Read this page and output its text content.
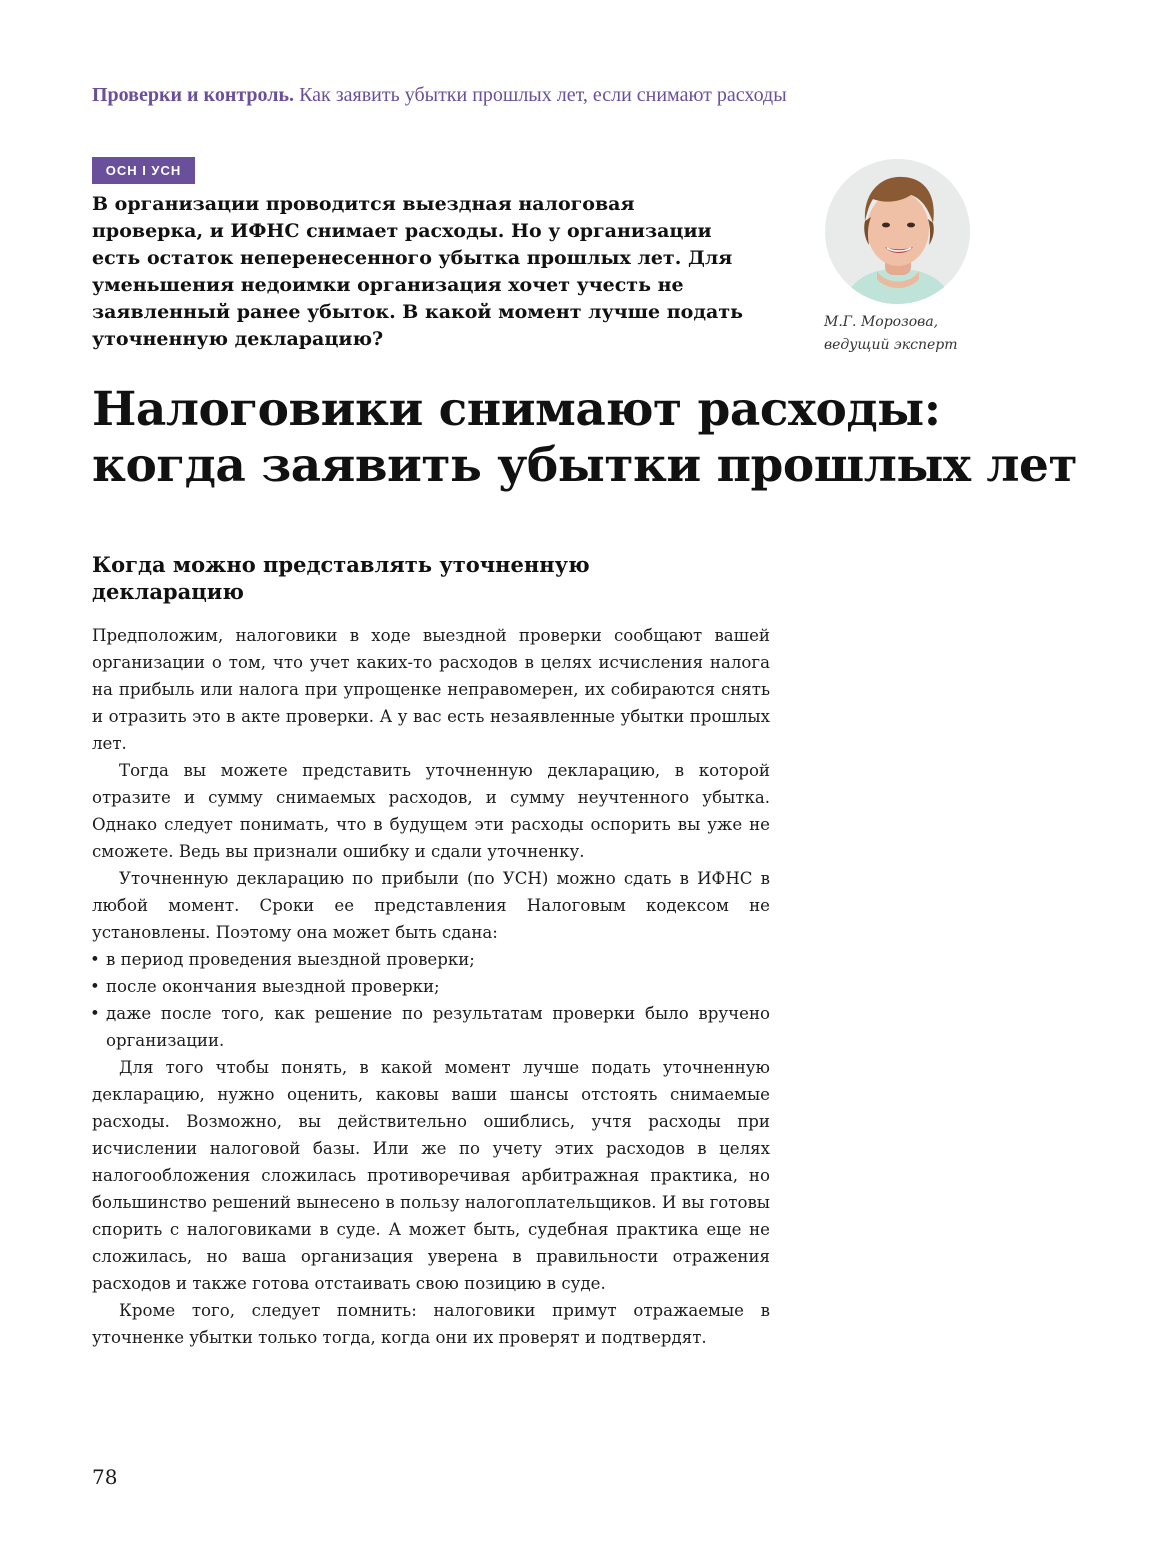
Проверки и контроль. Как заявить убытки прошлых лет, если снимают расходы
ОСН І УСН

В организации проводится выездная налоговая проверка, и ИФНС снимает расходы. Но у организации есть остаток неперенесенного убытка прошлых лет. Для уменьшения недоимки организация хочет учесть не заявленный ранее убыток. В какой момент лучше подать уточненную декларацию?

М.Г. Морозова,
ведущий эксперт
Налоговики снимают расходы:
когда заявить убытки прошлых лет
Когда можно представлять уточненную декларацию

Предположим, налоговики в ходе выездной проверки сообщают вашей организации о том, что учет каких-то расходов в целях исчисления налога на прибыль или налога при упрощенке неправомерен, их собираются снять и отразить это в акте проверки. А у вас есть незаявленные убытки прошлых лет.

Тогда вы можете представить уточненную декларацию, в которой отразите и сумму снимаемых расходов, и сумму неучтенного убытка. Однако следует понимать, что в будущем эти расходы оспорить вы уже не сможете. Ведь вы признали ошибку и сдали уточненку.

Уточненную декларацию по прибыли (по УСН) можно сдать в ИФНС в любой момент. Сроки ее представления Налоговым кодексом не установлены. Поэтому она может быть сдана:

• в период проведения выездной проверки;
• после окончания выездной проверки;
• даже после того, как решение по результатам проверки было вручено организации.

Для того чтобы понять, в какой момент лучше подать уточненную декларацию, нужно оценить, каковы ваши шансы отстоять снимаемые расходы. Возможно, вы действительно ошиблись, учтя расходы при исчислении налоговой базы. Или же по учету этих расходов в целях налогообложения сложилась противоречивая арбитражная практика, но большинство решений вынесено в пользу налогоплательщиков. И вы готовы спорить с налоговиками в суде. А может быть, судебная практика еще не сложилась, но ваша организация уверена в правильности отражения расходов и также готова отстаивать свою позицию в суде.

Кроме того, следует помнить: налоговики примут отражаемые в уточненке убытки только тогда, когда они их проверят и подтвердят.

78
